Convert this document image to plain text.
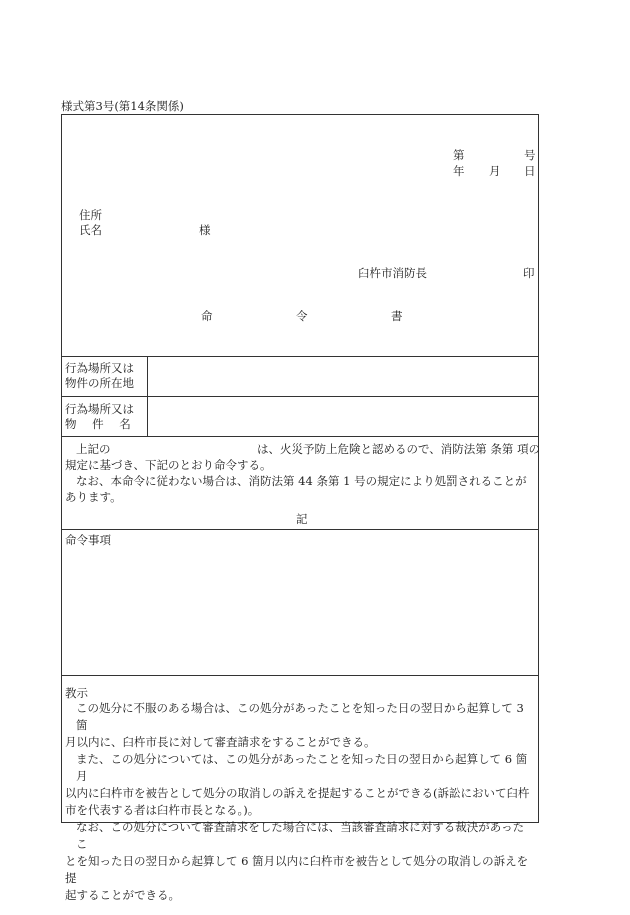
様式第3号(第14条関係)
第	号
年 月 日
住所
氏名	様
臼杵市消防長	印
命	令	書
行為場所又は
物件の所在地
行為場所又は
物 件 名
上記の	は、火災予防上危険と認めるので、消防法第 条第 項の
規定に基づき、下記のとおり命令する。
なお、本命令に従わない場合は、消防法第 44 条第 1 号の規定により処罰されることが
あります。
記
命令事項
教示

この処分に不服のある場合は、この処分があったことを知った日の翌日から起算して 3 箇

月以内に、臼杵市長に対して審査請求をすることができる。

また、この処分については、この処分があったことを知った日の翌日から起算して 6 箇月

以内に臼杵市を被告として処分の取消しの訴えを提起することができる(訴訟において臼杵

市を代表する者は臼杵市長となる。)。

なお、この処分について審査請求をした場合には、当該審査請求に対する裁決があったこ

とを知った日の翌日から起算して 6 箇月以内に臼杵市を被告として処分の取消しの訴えを提

起することができる。
